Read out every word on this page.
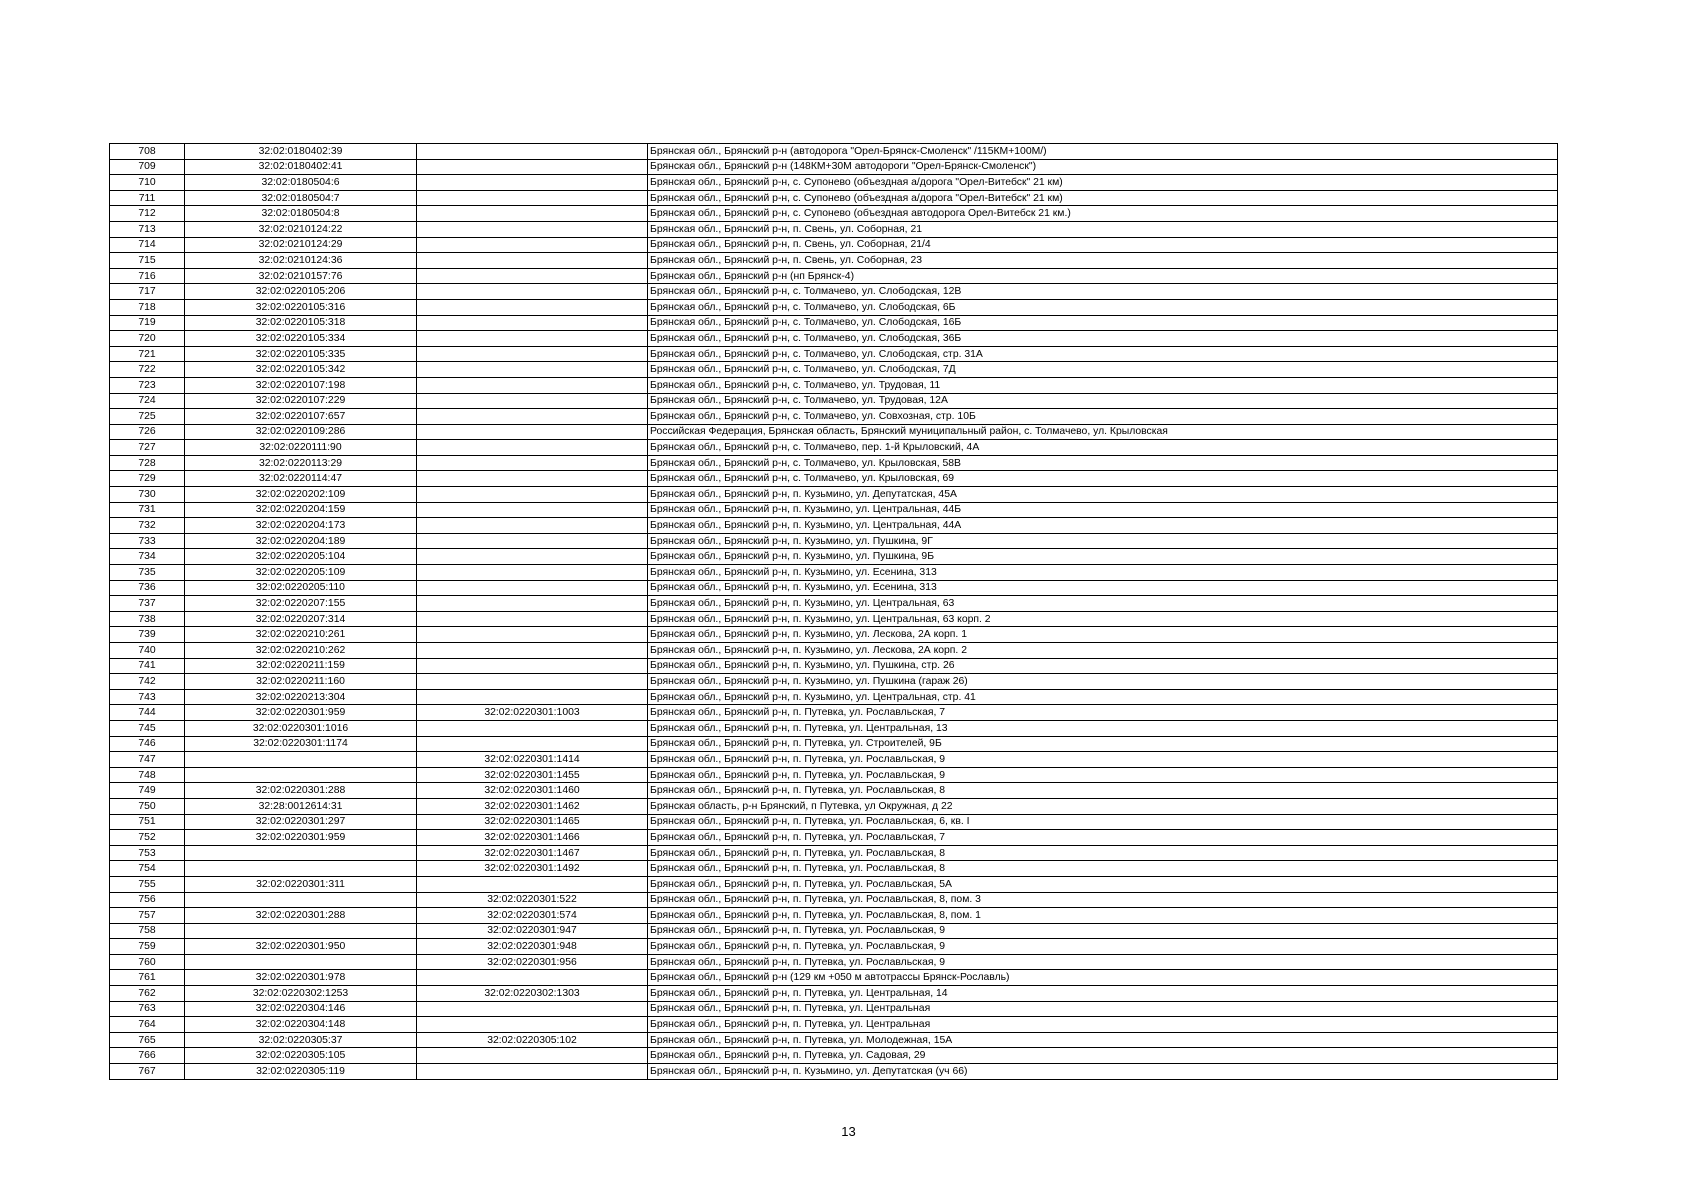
708	32:02:0180402:39		Брянская обл., Брянский р-н (автодорога "Орел-Брянск-Смоленск" /115КМ+100М/)
709	32:02:0180402:41		Брянская обл., Брянский р-н (148КМ+30М автодороги "Орел-Брянск-Смоленск")
710	32:02:0180504:6		Брянская обл., Брянский р-н, с. Супонево (объездная а/дорога "Орел-Витебск" 21 км)
711	32:02:0180504:7		Брянская обл., Брянский р-н, с. Супонево (объездная а/дорога "Орел-Витебск" 21 км)
712	32:02:0180504:8		Брянская обл., Брянский р-н, с. Супонево (объездная автодорога Орел-Витебск 21 км.)
713	32:02:0210124:22		Брянская обл., Брянский р-н, п. Свень, ул. Соборная, 21
714	32:02:0210124:29		Брянская обл., Брянский р-н, п. Свень, ул. Соборная, 21/4
715	32:02:0210124:36		Брянская обл., Брянский р-н, п. Свень, ул. Соборная, 23
716	32:02:0210157:76		Брянская обл., Брянский р-н (нп Брянск-4)
717	32:02:0220105:206		Брянская обл., Брянский р-н, с. Толмачево, ул. Слободская, 12В
718	32:02:0220105:316		Брянская обл., Брянский р-н, с. Толмачево, ул. Слободская, 6Б
719	32:02:0220105:318		Брянская обл., Брянский р-н, с. Толмачево, ул. Слободская, 16Б
720	32:02:0220105:334		Брянская обл., Брянский р-н, с. Толмачево, ул. Слободская, 36Б
721	32:02:0220105:335		Брянская обл., Брянский р-н, с. Толмачево, ул. Слободская, стр. 31А
722	32:02:0220105:342		Брянская обл., Брянский р-н, с. Толмачево, ул. Слободская, 7Д
723	32:02:0220107:198		Брянская обл., Брянский р-н, с. Толмачево, ул. Трудовая, 11
724	32:02:0220107:229		Брянская обл., Брянский р-н, с. Толмачево, ул. Трудовая, 12А
725	32:02:0220107:657		Брянская обл., Брянский р-н, с. Толмачево, ул. Совхозная, стр. 10Б
726	32:02:0220109:286		Российская Федерация, Брянская область, Брянский муниципальный район, с. Толмачево, ул. Крыловская
727	32:02:0220111:90		Брянская обл., Брянский р-н, с. Толмачево, пер. 1-й Крыловский, 4А
728	32:02:0220113:29		Брянская обл., Брянский р-н, с. Толмачево, ул. Крыловская, 58В
729	32:02:0220114:47		Брянская обл., Брянский р-н, с. Толмачево, ул. Крыловская, 69
730	32:02:0220202:109		Брянская обл., Брянский р-н, п. Кузьмино, ул. Депутатская, 45А
731	32:02:0220204:159		Брянская обл., Брянский р-н, п. Кузьмино, ул. Центральная, 44Б
732	32:02:0220204:173		Брянская обл., Брянский р-н, п. Кузьмино, ул. Центральная, 44А
733	32:02:0220204:189		Брянская обл., Брянский р-н, п. Кузьмино, ул. Пушкина, 9Г
734	32:02:0220205:104		Брянская обл., Брянский р-н, п. Кузьмино, ул. Пушкина, 9Б
735	32:02:0220205:109		Брянская обл., Брянский р-н, п. Кузьмино, ул. Есенина, 313
736	32:02:0220205:110		Брянская обл., Брянский р-н, п. Кузьмино, ул. Есенина, 313
737	32:02:0220207:155		Брянская обл., Брянский р-н, п. Кузьмино, ул. Центральная, 63
738	32:02:0220207:314		Брянская обл., Брянский р-н, п. Кузьмино, ул. Центральная, 63 корп. 2
739	32:02:0220210:261		Брянская обл., Брянский р-н, п. Кузьмино, ул. Лескова, 2А корп. 1
740	32:02:0220210:262		Брянская обл., Брянский р-н, п. Кузьмино, ул. Лескова, 2А корп. 2
741	32:02:0220211:159		Брянская обл., Брянский р-н, п. Кузьмино, ул. Пушкина, стр. 26
742	32:02:0220211:160		Брянская обл., Брянский р-н, п. Кузьмино, ул. Пушкина (гараж 26)
743	32:02:0220213:304		Брянская обл., Брянский р-н, п. Кузьмино, ул. Центральная, стр. 41
744	32:02:0220301:959	32:02:0220301:1003	Брянская обл., Брянский р-н, п. Путевка, ул. Рославльская, 7
745	32:02:0220301:1016		Брянская обл., Брянский р-н, п. Путевка, ул. Центральная, 13
746	32:02:0220301:1174		Брянская обл., Брянский р-н, п. Путевка, ул. Строителей, 9Б
747		32:02:0220301:1414	Брянская обл., Брянский р-н, п. Путевка, ул. Рославльская, 9
748		32:02:0220301:1455	Брянская обл., Брянский р-н, п. Путевка, ул. Рославльская, 9
749	32:02:0220301:288	32:02:0220301:1460	Брянская обл., Брянский р-н, п. Путевка, ул. Рославльская, 8
750	32:28:0012614:31	32:02:0220301:1462	Брянская область, р-н Брянский, п Путевка, ул Окружная, д 22
751	32:02:0220301:297	32:02:0220301:1465	Брянская обл., Брянский р-н, п. Путевка, ул. Рославльская, 6, кв. I
752	32:02:0220301:959	32:02:0220301:1466	Брянская обл., Брянский р-н, п. Путевка, ул. Рославльская, 7
753		32:02:0220301:1467	Брянская обл., Брянский р-н, п. Путевка, ул. Рославльская, 8
754		32:02:0220301:1492	Брянская обл., Брянский р-н, п. Путевка, ул. Рославльская, 8
755	32:02:0220301:311		Брянская обл., Брянский р-н, п. Путевка, ул. Рославльская, 5А
756		32:02:0220301:522	Брянская обл., Брянский р-н, п. Путевка, ул. Рославльская, 8, пом. 3
757	32:02:0220301:288	32:02:0220301:574	Брянская обл., Брянский р-н, п. Путевка, ул. Рославльская, 8, пом. 1
758		32:02:0220301:947	Брянская обл., Брянский р-н, п. Путевка, ул. Рославльская, 9
759	32:02:0220301:950	32:02:0220301:948	Брянская обл., Брянский р-н, п. Путевка, ул. Рославльская, 9
760		32:02:0220301:956	Брянская обл., Брянский р-н, п. Путевка, ул. Рославльская, 9
761	32:02:0220301:978		Брянская обл., Брянский р-н (129 км +050 м автотрассы Брянск-Рославль)
762	32:02:0220302:1253	32:02:0220302:1303	Брянская обл., Брянский р-н, п. Путевка, ул. Центральная, 14
763	32:02:0220304:146		Брянская обл., Брянский р-н, п. Путевка, ул. Центральная
764	32:02:0220304:148		Брянская обл., Брянский р-н, п. Путевка, ул. Центральная
765	32:02:0220305:37	32:02:0220305:102	Брянская обл., Брянский р-н, п. Путевка, ул. Молодежная, 15А
766	32:02:0220305:105		Брянская обл., Брянский р-н, п. Путевка, ул. Садовая, 29
767	32:02:0220305:119		Брянская обл., Брянский р-н, п. Кузьмино, ул. Депутатская (уч 66)
13
